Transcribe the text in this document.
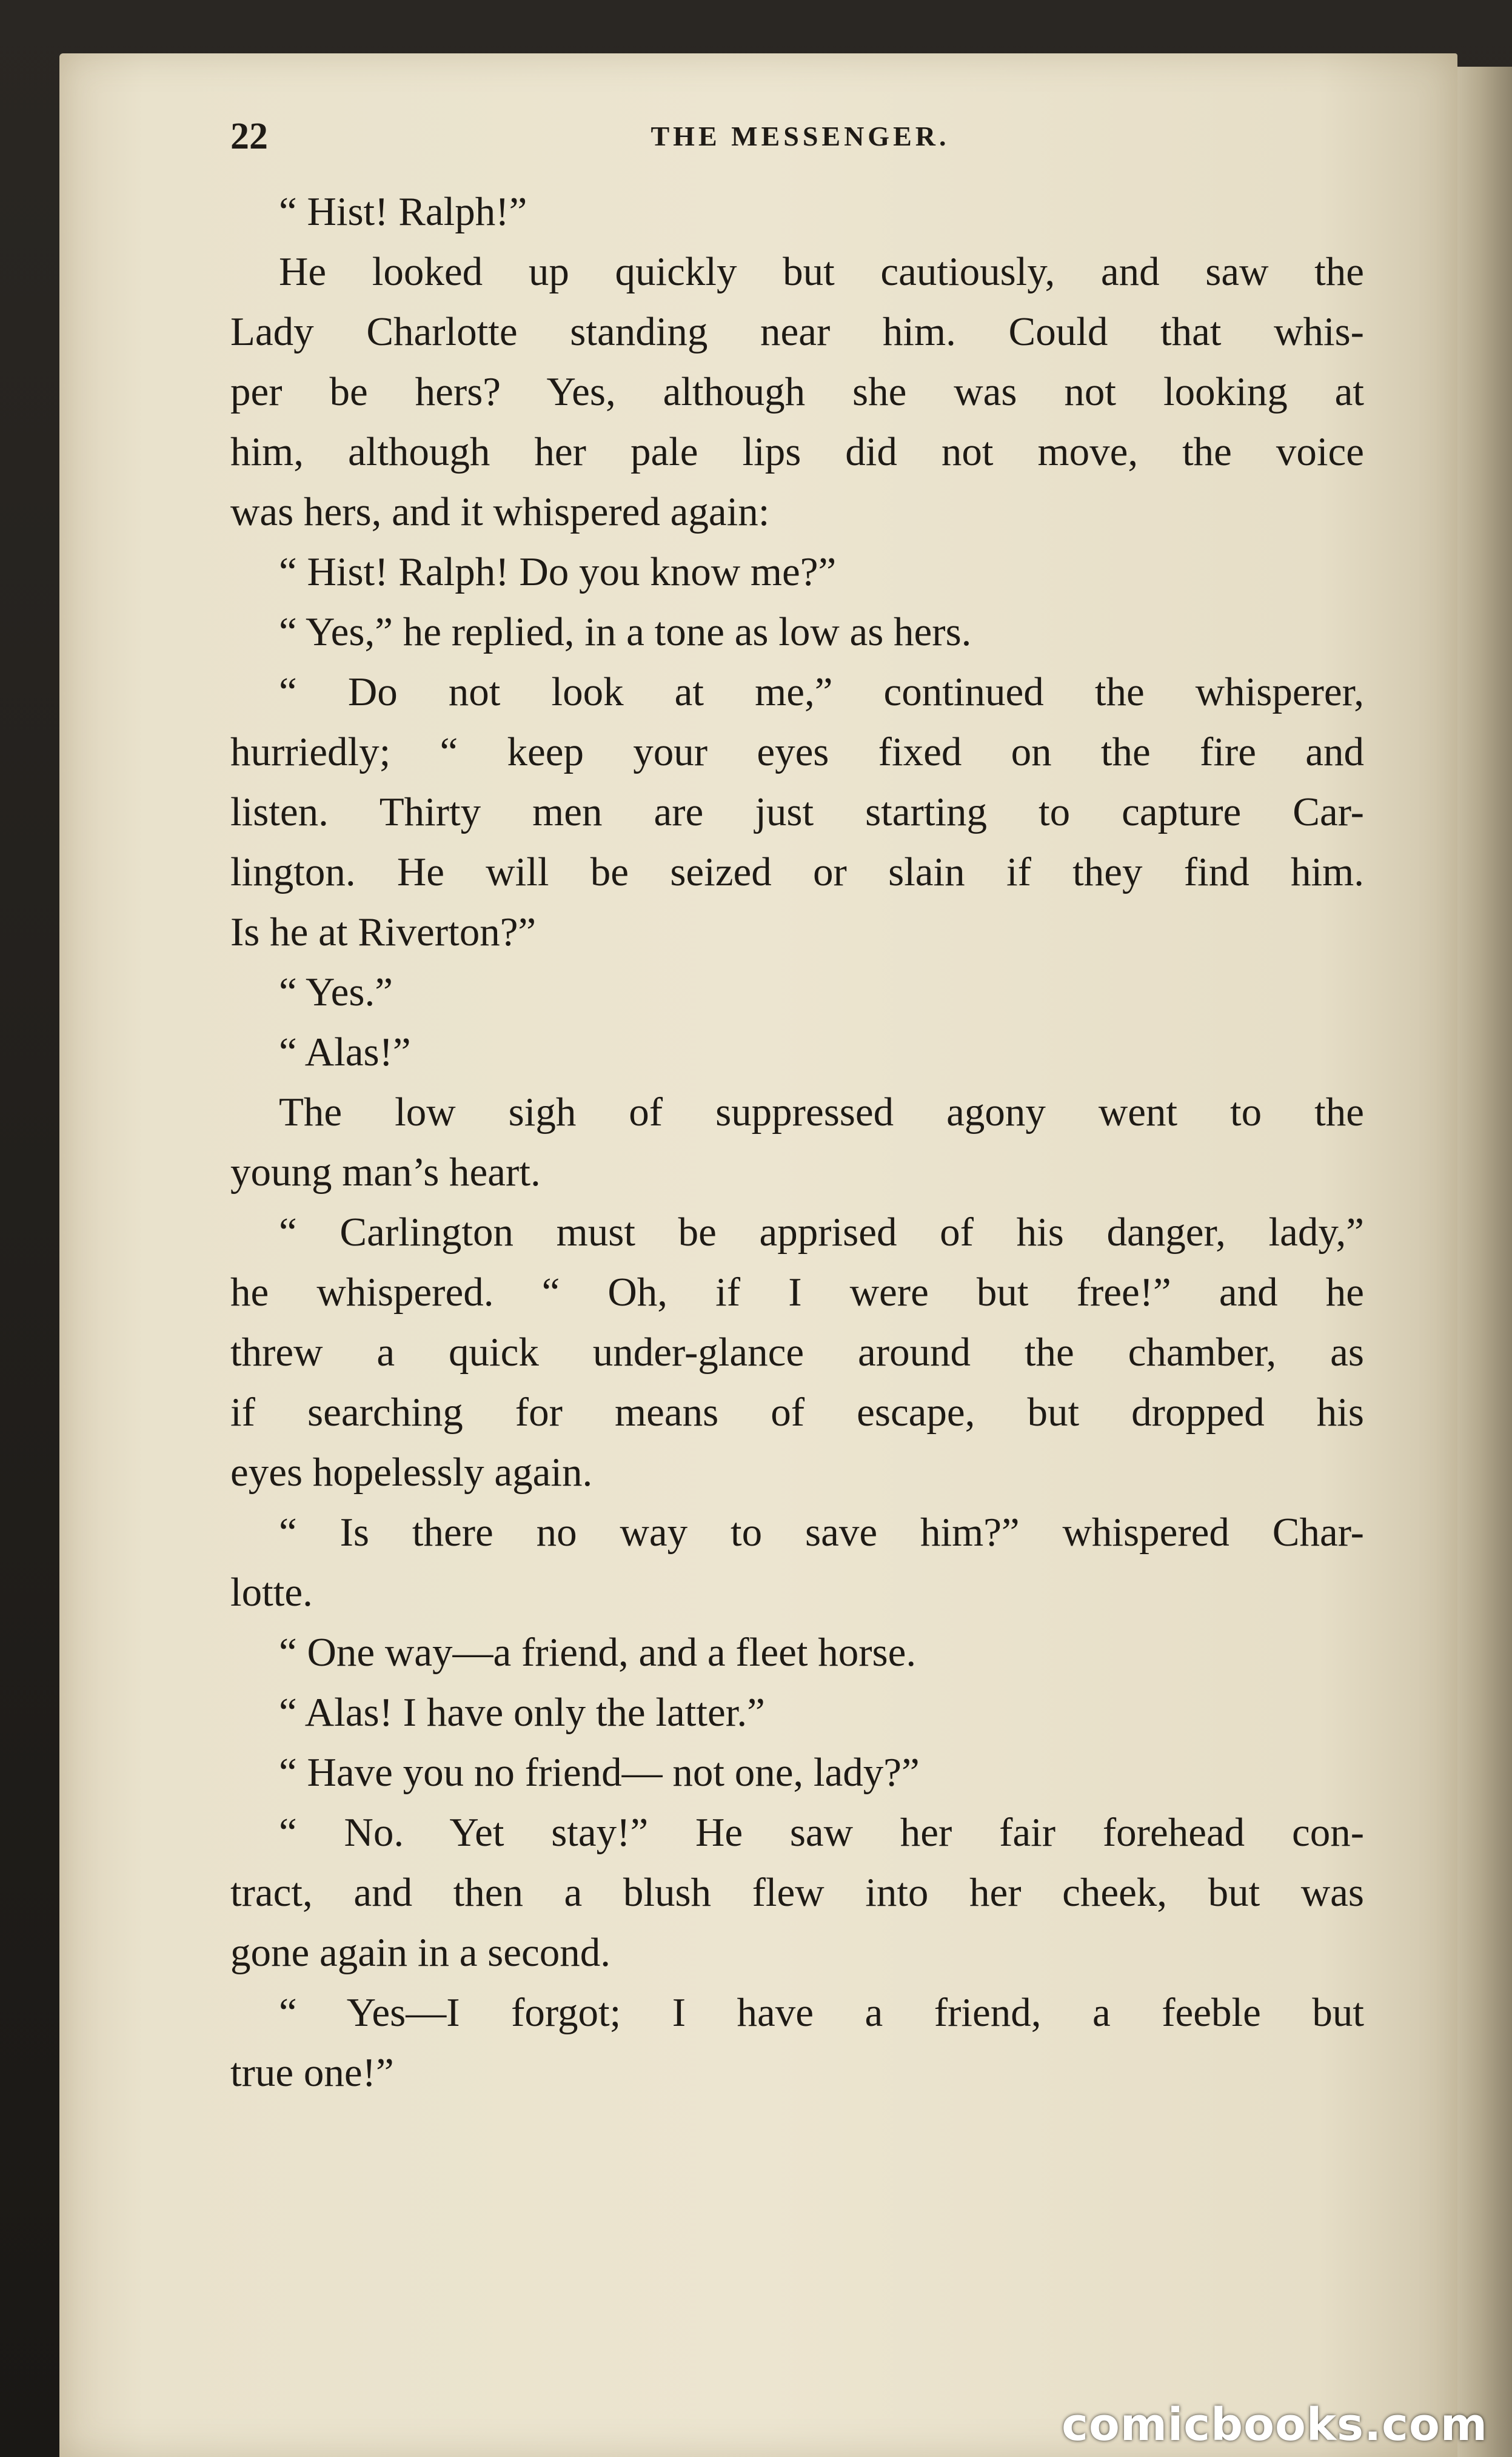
22	THE MESSENGER.
“ Hist! Ralph!”
He looked up quickly but cautiously, and saw the
Lady Charlotte standing near him. Could that whis-
per be hers? Yes, although she was not looking at
him, although her pale lips did not move, the voice
was hers, and it whispered again:
“ Hist! Ralph! Do you know me?”
“ Yes,” he replied, in a tone as low as hers.
“ Do not look at me,” continued the whisperer,
hurriedly; “ keep your eyes fixed on the fire and
listen. Thirty men are just starting to capture Car-
lington. He will be seized or slain if they find him.
Is he at Riverton?”
“ Yes.”
“ Alas!”
The low sigh of suppressed agony went to the
young man’s heart.
“ Carlington must be apprised of his danger, lady,”
he whispered. “ Oh, if I were but free!” and he
threw a quick under-glance around the chamber, as
if searching for means of escape, but dropped his
eyes hopelessly again.
“ Is there no way to save him?” whispered Char-
lotte.
“ One way—a friend, and a fleet horse.
“ Alas! I have only the latter.”
“ Have you no friend— not one, lady?”
“ No. Yet stay!” He saw her fair forehead con-
tract, and then a blush flew into her cheek, but was
gone again in a second.
“ Yes—I forgot; I have a friend, a feeble but
true one!”
comicbooks.com
